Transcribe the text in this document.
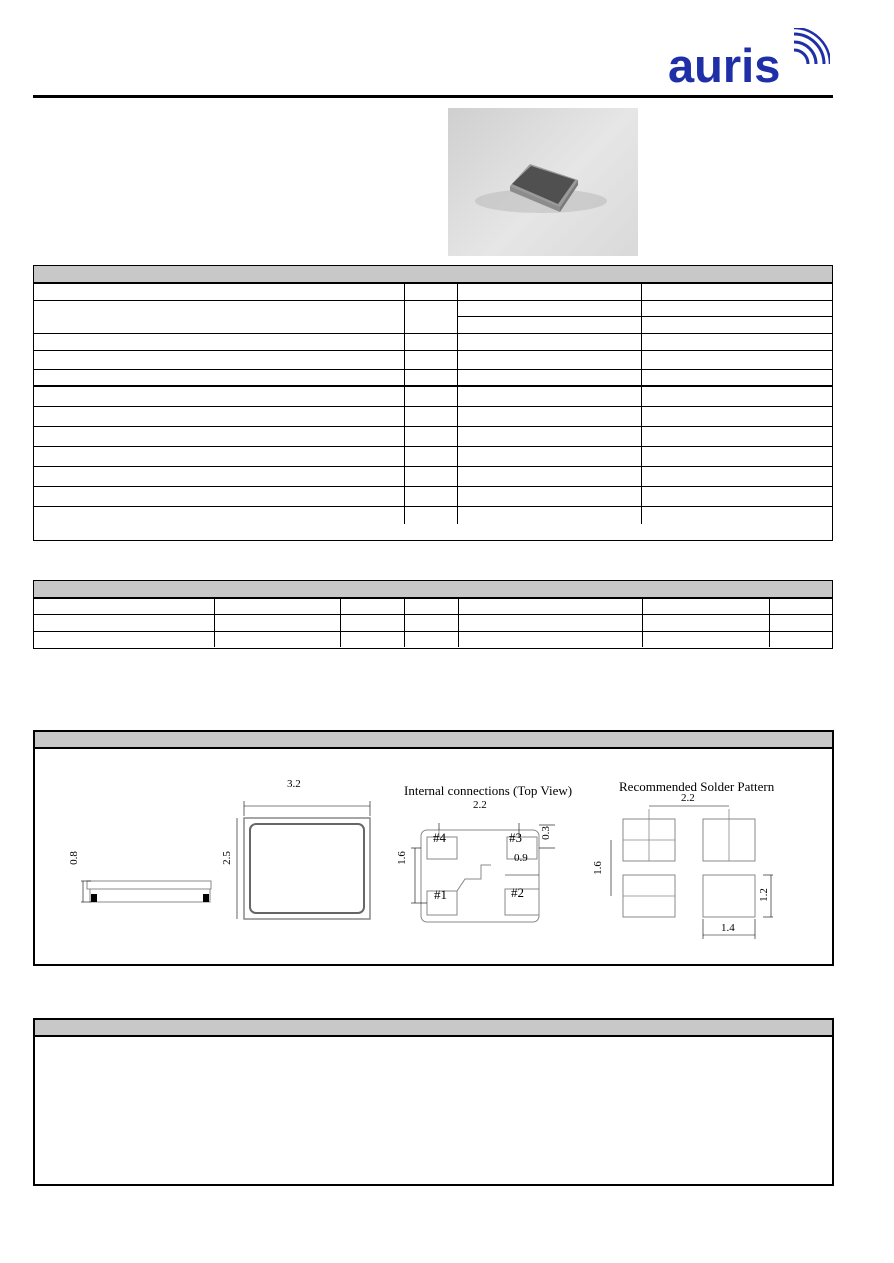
auris
0.8
3.2
2.5
Internal connections (Top View)
2.2
1.6
0.3
0.9
#1	#2
#3
#4
Recommended Solder Pattern
2.2
1.6
1.2
1.4
